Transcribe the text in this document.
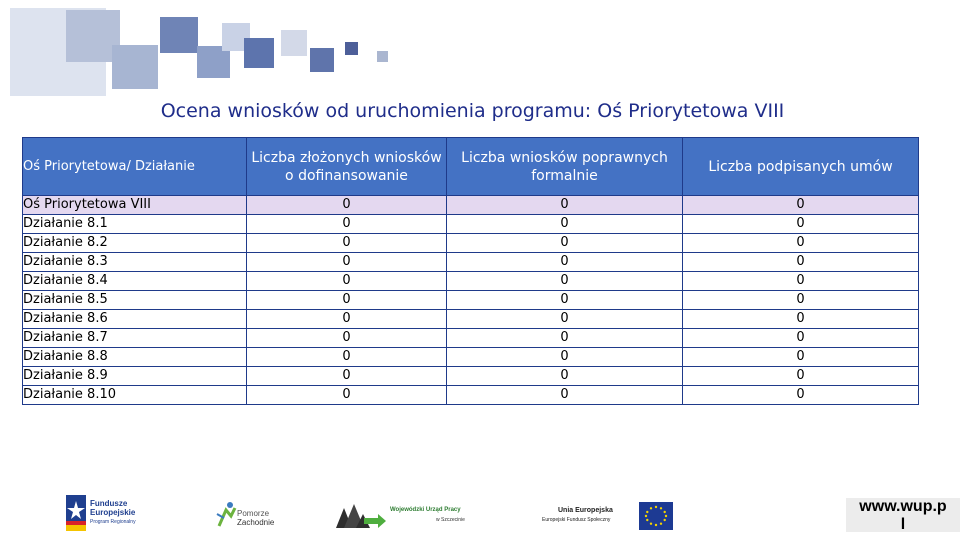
Ocena wniosków od uruchomienia programu: Oś Priorytetowa VIII
Oś Priorytetowa/ Działanie	Liczba złożonych wniosków o dofinansowanie	Liczba wniosków poprawnych formalnie	Liczba podpisanych umów
Oś Priorytetowa VIII	0	0	0
Działanie 8.1	0	0	0
Działanie 8.2	0	0	0
Działanie 8.3	0	0	0
Działanie 8.4	0	0	0
Działanie 8.5	0	0	0
Działanie 8.6	0	0	0
Działanie 8.7	0	0	0
Działanie 8.8	0	0	0
Działanie 8.9	0	0	0
Działanie 8.10	0	0	0
Fundusze
Europejskie
Program Regionalny
Pomorze
Zachodnie
Wojewódzki Urząd Pracy
w Szczecinie
Unia Europejska
Europejski Fundusz Społeczny
www.wup.p
l
